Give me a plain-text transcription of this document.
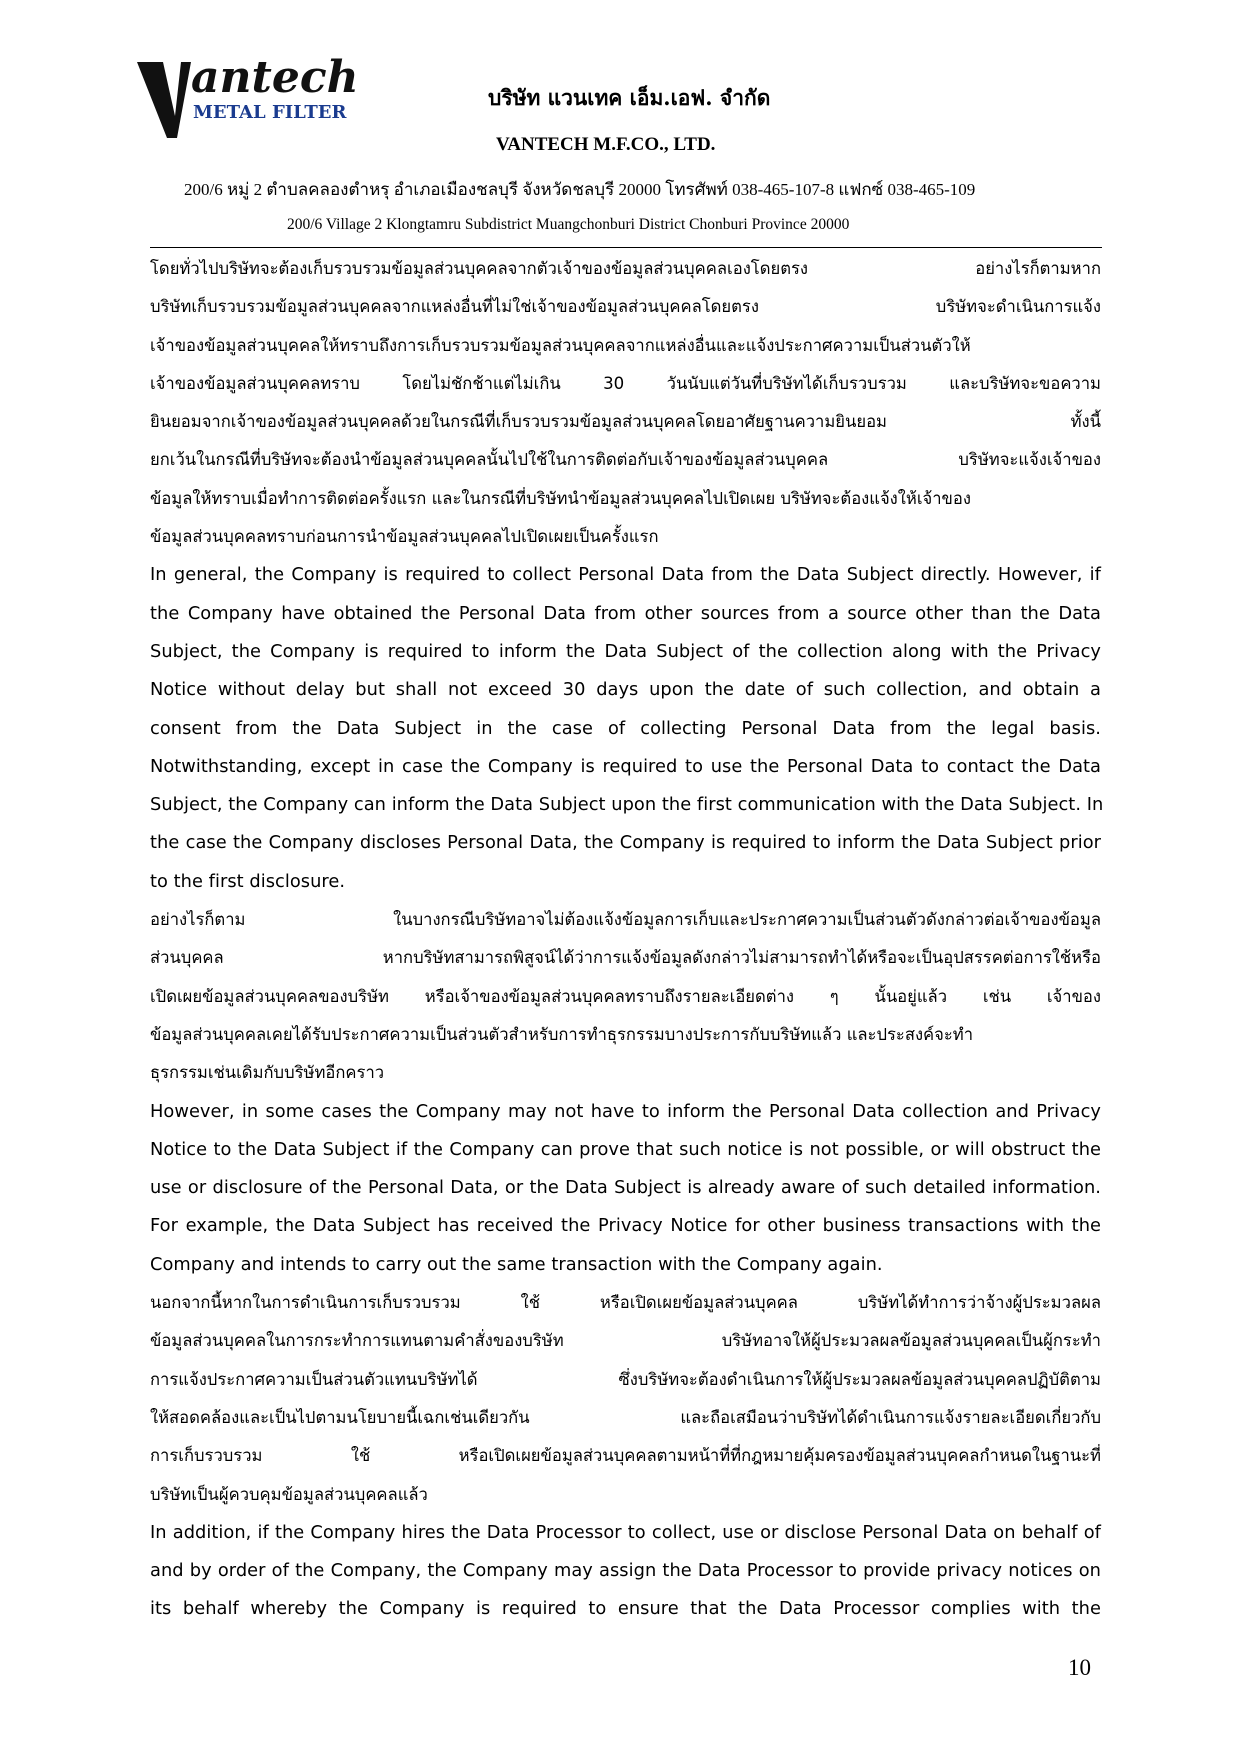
antech
METAL FILTER
บริษัท แวนเทค เอ็ม.เอฟ. จำกัด
VANTECH M.F.CO., LTD.
200/6 หมู่ 2 ตำบลคลองตำหรุ อำเภอเมืองชลบุรี จังหวัดชลบุรี 20000 โทรศัพท์ 038-465-107-8 แฟกซ์ 038-465-109
200/6 Village 2 Klongtamru Subdistrict Muangchonburi District Chonburi Province 20000

โดยทั่วไปบริษัทจะต้องเก็บรวบรวมข้อมูลส่วนบุคคลจากตัวเจ้าของข้อมูลส่วนบุคคลเองโดยตรง อย่างไรก็ตามหาก

บริษัทเก็บรวบรวมข้อมูลส่วนบุคคลจากแหล่งอื่นที่ไม่ใช่เจ้าของข้อมูลส่วนบุคคลโดยตรง บริษัทจะดำเนินการแจ้ง

เจ้าของข้อมูลส่วนบุคคลให้ทราบถึงการเก็บรวบรวมข้อมูลส่วนบุคคลจากแหล่งอื่นและแจ้งประกาศความเป็นส่วนตัวให้

เจ้าของข้อมูลส่วนบุคคลทราบ โดยไม่ชักช้าแต่ไม่เกิน 30 วันนับแต่วันที่บริษัทได้เก็บรวบรวม และบริษัทจะขอความ

ยินยอมจากเจ้าของข้อมูลส่วนบุคคลด้วยในกรณีที่เก็บรวบรวมข้อมูลส่วนบุคคลโดยอาศัยฐานความยินยอม ทั้งนี้

ยกเว้นในกรณีที่บริษัทจะต้องนำข้อมูลส่วนบุคคลนั้นไปใช้ในการติดต่อกับเจ้าของข้อมูลส่วนบุคคล บริษัทจะแจ้งเจ้าของ

ข้อมูลให้ทราบเมื่อทำการติดต่อครั้งแรก และในกรณีที่บริษัทนำข้อมูลส่วนบุคคลไปเปิดเผย บริษัทจะต้องแจ้งให้เจ้าของ

ข้อมูลส่วนบุคคลทราบก่อนการนำข้อมูลส่วนบุคคลไปเปิดเผยเป็นครั้งแรก

In general, the Company is required to collect Personal Data from the Data Subject directly. However, if

the Company have obtained the Personal Data from other sources from a source other than the Data

Subject, the Company is required to inform the Data Subject of the collection along with the Privacy

Notice without delay but shall not exceed 30 days upon the date of such collection, and obtain a

consent from the Data Subject in the case of collecting Personal Data from the legal basis.

Notwithstanding, except in case the Company is required to use the Personal Data to contact the Data

Subject, the Company can inform the Data Subject upon the first communication with the Data Subject. In

the case the Company discloses Personal Data, the Company is required to inform the Data Subject prior

to the first disclosure.

อย่างไรก็ตาม ในบางกรณีบริษัทอาจไม่ต้องแจ้งข้อมูลการเก็บและประกาศความเป็นส่วนตัวดังกล่าวต่อเจ้าของข้อมูล

ส่วนบุคคล หากบริษัทสามารถพิสูจน์ได้ว่าการแจ้งข้อมูลดังกล่าวไม่สามารถทำได้หรือจะเป็นอุปสรรคต่อการใช้หรือ

เปิดเผยข้อมูลส่วนบุคคลของบริษัท หรือเจ้าของข้อมูลส่วนบุคคลทราบถึงรายละเอียดต่าง ๆ นั้นอยู่แล้ว เช่น เจ้าของ

ข้อมูลส่วนบุคคลเคยได้รับประกาศความเป็นส่วนตัวสำหรับการทำธุรกรรมบางประการกับบริษัทแล้ว และประสงค์จะทำ

ธุรกรรมเช่นเดิมกับบริษัทอีกคราว

However, in some cases the Company may not have to inform the Personal Data collection and Privacy

Notice to the Data Subject if the Company can prove that such notice is not possible, or will obstruct the

use or disclosure of the Personal Data, or the Data Subject is already aware of such detailed information.

For example, the Data Subject has received the Privacy Notice for other business transactions with the

Company and intends to carry out the same transaction with the Company again.

นอกจากนี้หากในการดำเนินการเก็บรวบรวม ใช้ หรือเปิดเผยข้อมูลส่วนบุคคล บริษัทได้ทำการว่าจ้างผู้ประมวลผล

ข้อมูลส่วนบุคคลในการกระทำการแทนตามคำสั่งของบริษัท บริษัทอาจให้ผู้ประมวลผลข้อมูลส่วนบุคคลเป็นผู้กระทำ

การแจ้งประกาศความเป็นส่วนตัวแทนบริษัทได้ ซึ่งบริษัทจะต้องดำเนินการให้ผู้ประมวลผลข้อมูลส่วนบุคคลปฏิบัติตาม

ให้สอดคล้องและเป็นไปตามนโยบายนี้เฉกเช่นเดียวกัน และถือเสมือนว่าบริษัทได้ดำเนินการแจ้งรายละเอียดเกี่ยวกับ

การเก็บรวบรวม ใช้ หรือเปิดเผยข้อมูลส่วนบุคคลตามหน้าที่ที่กฎหมายคุ้มครองข้อมูลส่วนบุคคลกำหนดในฐานะที่

บริษัทเป็นผู้ควบคุมข้อมูลส่วนบุคคลแล้ว

In addition, if the Company hires the Data Processor to collect, use or disclose Personal Data on behalf of

and by order of the Company, the Company may assign the Data Processor to provide privacy notices on

its behalf whereby the Company is required to ensure that the Data Processor complies with the

10
